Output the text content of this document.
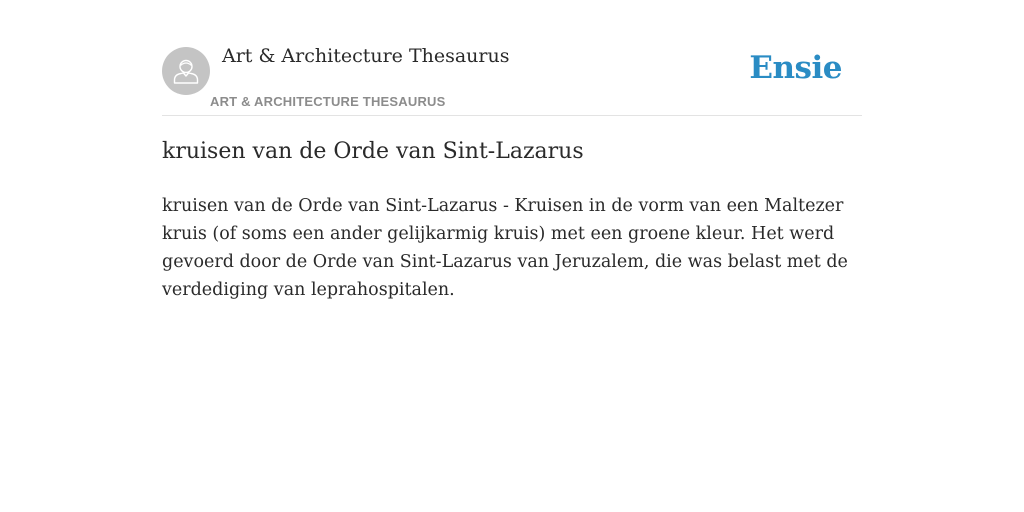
Art & Architecture Thesaurus
ART & ARCHITECTURE THESAURUS
Ensie
kruisen van de Orde van Sint-Lazarus

kruisen van de Orde van Sint-Lazarus - Kruisen in de vorm van een Maltezer kruis (of soms een ander gelijkarmig kruis) met een groene kleur. Het werd gevoerd door de Orde van Sint-Lazarus van Jeruzalem, die was belast met de verdediging van leprahospitalen.
